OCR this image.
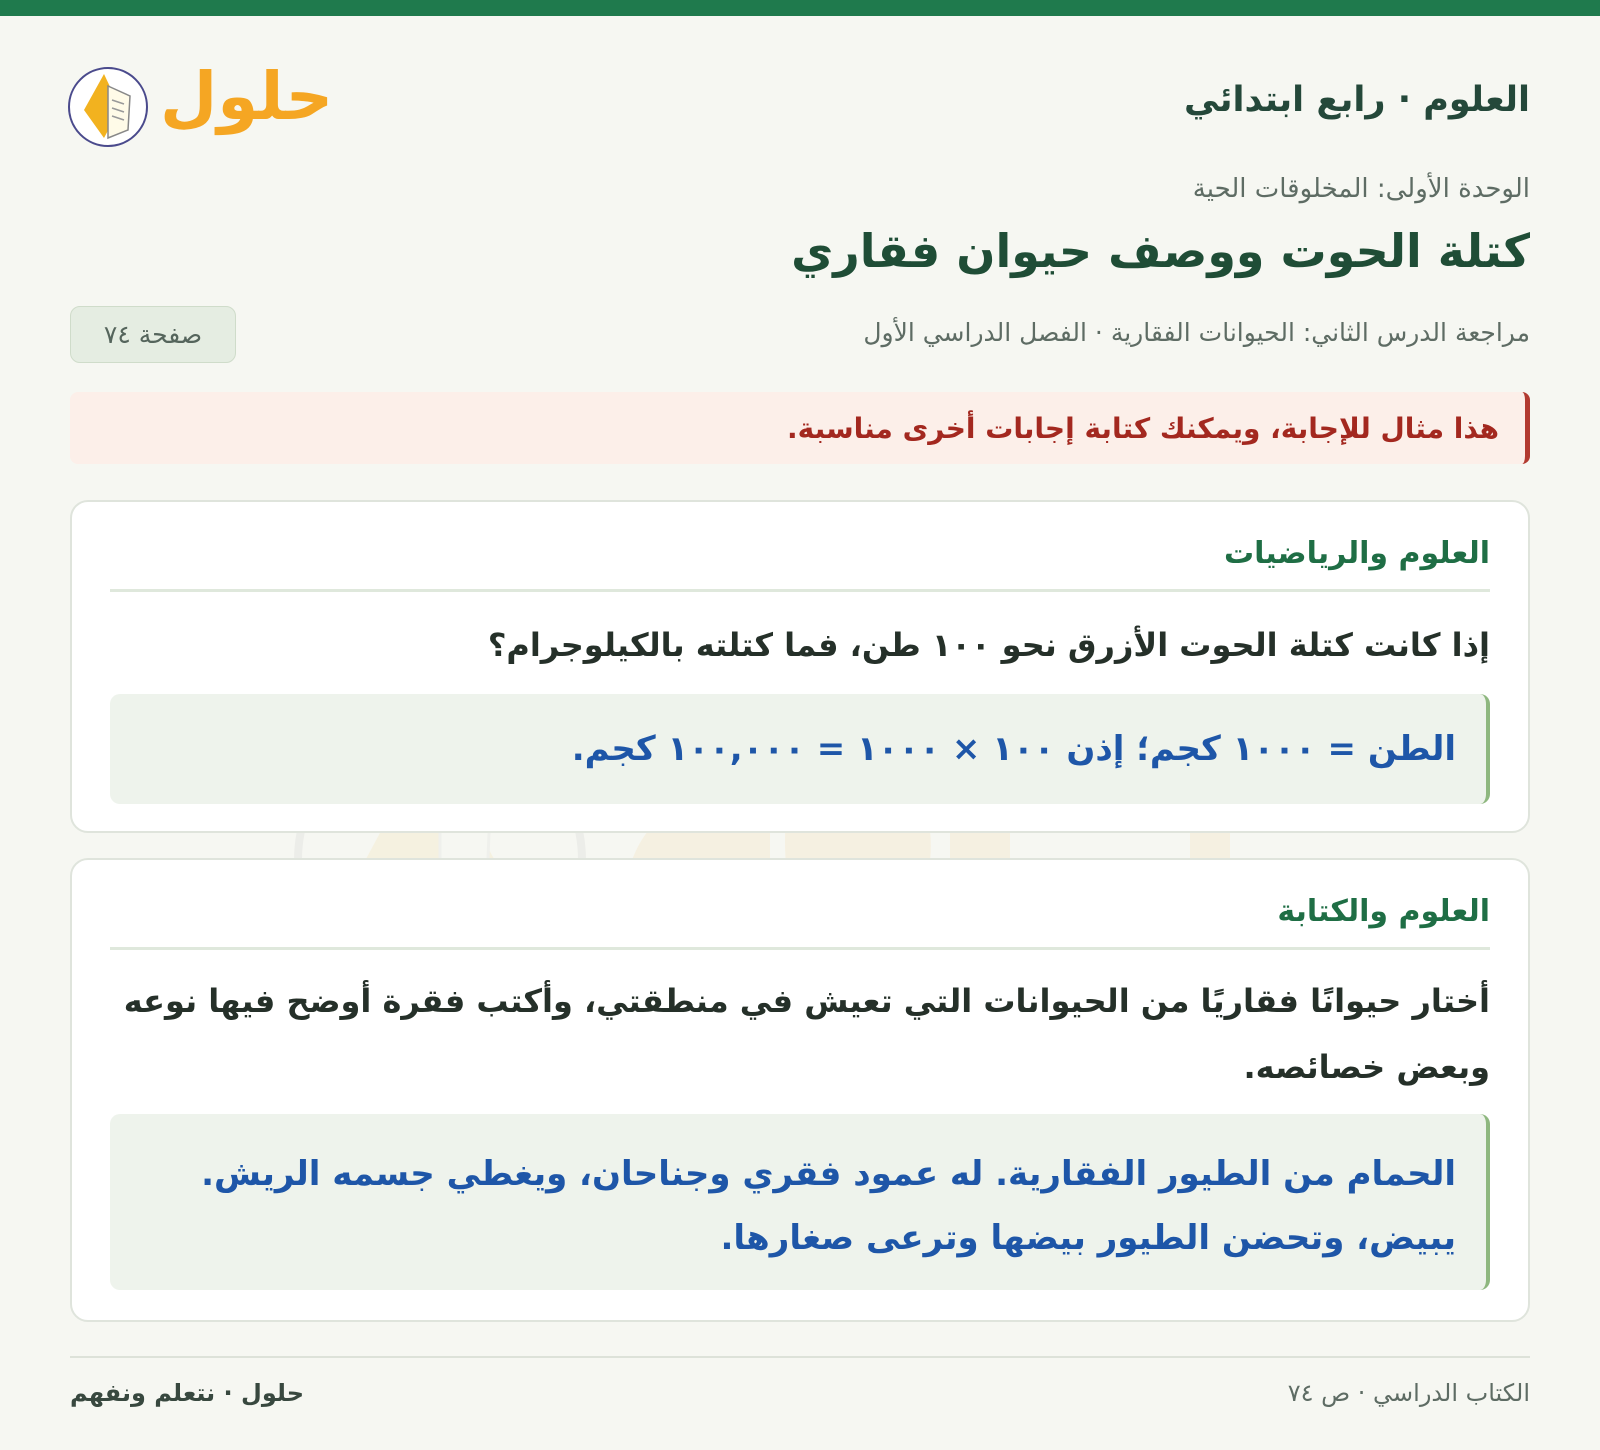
حلول	العلوم · رابع ابتدائي
الوحدة الأولى: المخلوقات الحية
كتلة الحوت ووصف حيوان فقاري
مراجعة الدرس الثاني: الحيوانات الفقارية · الفصل الدراسي الأول
صفحة ٧٤
هذا مثال للإجابة، ويمكنك كتابة إجابات أخرى مناسبة.
العلوم والرياضيات
إذا كانت كتلة الحوت الأزرق نحو ١٠٠ طن، فما كتلته بالكيلوجرام؟
الطن = ١٠٠٠ كجم؛ إذن ١٠٠ × ١٠٠٠ = ١٠٠,٠٠٠ كجم.
العلوم والكتابة
أختار حيوانًا فقاريًا من الحيوانات التي تعيش في منطقتي، وأكتب فقرة أوضح فيها نوعه وبعض خصائصه.
الحمام من الطيور الفقارية. له عمود فقري وجناحان، ويغطي جسمه الريش. يبيض، وتحضن الطيور بيضها وترعى صغارها.
الكتاب الدراسي · ص ٧٤
حلول · نتعلم ونفهم
